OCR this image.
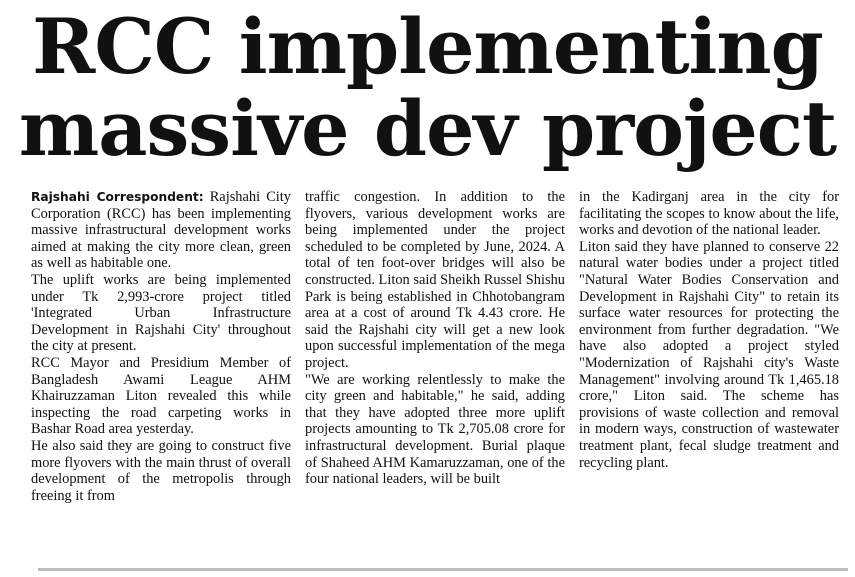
RCC implementing
massive dev project

Rajshahi Correspondent: Rajshahi City Corporation (RCC) has been implementing massive infrastructural development works aimed at making the city more clean, green as well as habitable one.

The uplift works are being implemented under Tk 2,993-crore project titled 'Integrated Urban Infrastructure Development in Rajshahi City' throughout the city at present.

RCC Mayor and Presidium Member of Bangladesh Awami League AHM Khairuzzaman Liton revealed this while inspecting the road carpeting works in Bashar Road area yesterday.

He also said they are going to construct five more flyovers with the main thrust of overall development of the metropolis through freeing it from

traffic congestion. In addition to the flyovers, various development works are being implemented under the project scheduled to be completed by June, 2024. A total of ten foot-over bridges will also be constructed. Liton said Sheikh Russel Shishu Park is being established in Chhotobangram area at a cost of around Tk 4.43 crore. He said the Rajshahi city will get a new look upon successful implementation of the mega project.

"We are working relentlessly to make the city green and habitable," he said, adding that they have adopted three more uplift projects amounting to Tk 2,705.08 crore for infrastructural development. Burial plaque of Shaheed AHM Kamaruzzaman, one of the four national leaders, will be built

in the Kadirganj area in the city for facilitating the scopes to know about the life, works and devotion of the national leader.

Liton said they have planned to conserve 22 natural water bodies under a project titled "Natural Water Bodies Conservation and Development in Rajshahi City" to retain its surface water resources for protecting the environment from further degradation. "We have also adopted a project styled "Modernization of Rajshahi city's Waste Management" involving around Tk 1,465.18 crore," Liton said. The scheme has provisions of waste collection and removal in modern ways, construction of wastewater treatment plant, fecal sludge treatment and recycling plant.
